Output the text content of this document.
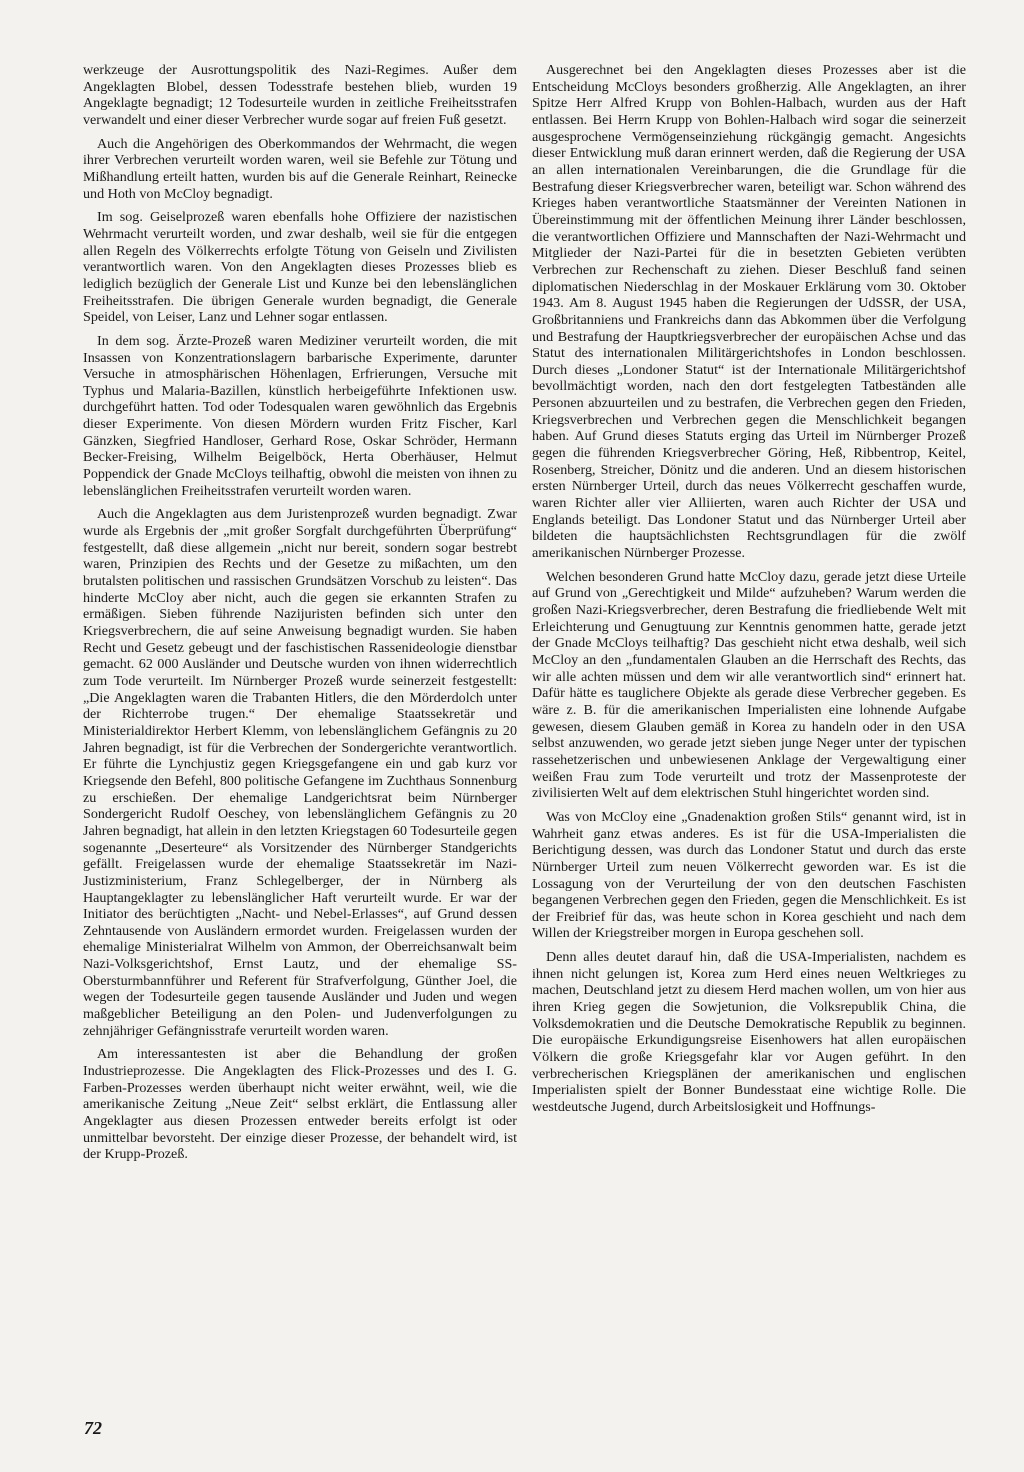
werkzeuge der Ausrottungspolitik des Nazi-Regimes. Außer dem Angeklagten Blobel, dessen Todesstrafe bestehen blieb, wurden 19 Angeklagte begnadigt; 12 Todesurteile wurden in zeitliche Freiheitsstrafen verwandelt und einer dieser Verbrecher wurde sogar auf freien Fuß gesetzt.

Auch die Angehörigen des Oberkommandos der Wehrmacht, die wegen ihrer Verbrechen verurteilt worden waren, weil sie Befehle zur Tötung und Mißhandlung erteilt hatten, wurden bis auf die Generale Reinhart, Reinecke und Hoth von McCloy begnadigt.

Im sog. Geiselprozeß waren ebenfalls hohe Offiziere der nazistischen Wehrmacht verurteilt worden, und zwar deshalb, weil sie für die entgegen allen Regeln des Völkerrechts erfolgte Tötung von Geiseln und Zivilisten verantwortlich waren. Von den Angeklagten dieses Prozesses blieb es lediglich bezüglich der Generale List und Kunze bei den lebenslänglichen Freiheitsstrafen. Die übrigen Generale wurden begnadigt, die Generale Speidel, von Leiser, Lanz und Lehner sogar entlassen.

In dem sog. Ärzte-Prozeß waren Mediziner verurteilt worden, die mit Insassen von Konzentrationslagern barbarische Experimente, darunter Versuche in atmosphärischen Höhenlagen, Erfrierungen, Versuche mit Typhus und Malaria-Bazillen, künstlich herbeigeführte Infektionen usw. durchgeführt hatten. Tod oder Todesqualen waren gewöhnlich das Ergebnis dieser Experimente. Von diesen Mördern wurden Fritz Fischer, Karl Gänzken, Siegfried Handloser, Gerhard Rose, Oskar Schröder, Hermann Becker-Freising, Wilhelm Beigelböck, Herta Oberhäuser, Helmut Poppendick der Gnade McCloys teilhaftig, obwohl die meisten von ihnen zu lebenslänglichen Freiheitsstrafen verurteilt worden waren.

Auch die Angeklagten aus dem Juristenprozeß wurden begnadigt. Zwar wurde als Ergebnis der „mit großer Sorgfalt durchgeführten Überprüfung“ festgestellt, daß diese allgemein „nicht nur bereit, sondern sogar bestrebt waren, Prinzipien des Rechts und der Gesetze zu mißachten, um den brutalsten politischen und rassischen Grundsätzen Vorschub zu leisten“. Das hinderte McCloy aber nicht, auch die gegen sie erkannten Strafen zu ermäßigen. Sieben führende Nazijuristen befinden sich unter den Kriegsverbrechern, die auf seine Anweisung begnadigt wurden. Sie haben Recht und Gesetz gebeugt und der faschistischen Rassenideologie dienstbar gemacht. 62 000 Ausländer und Deutsche wurden von ihnen widerrechtlich zum Tode verurteilt. Im Nürnberger Prozeß wurde seinerzeit festgestellt: „Die Angeklagten waren die Trabanten Hitlers, die den Mörderdolch unter der Richterrobe trugen.“ Der ehemalige Staatssekretär und Ministerialdirektor Herbert Klemm, von lebenslänglichem Gefängnis zu 20 Jahren begnadigt, ist für die Verbrechen der Sondergerichte verantwortlich. Er führte die Lynchjustiz gegen Kriegsgefangene ein und gab kurz vor Kriegsende den Befehl, 800 politische Gefangene im Zuchthaus Sonnenburg zu erschießen. Der ehemalige Landgerichtsrat beim Nürnberger Sondergericht Rudolf Oeschey, von lebenslänglichem Gefängnis zu 20 Jahren begnadigt, hat allein in den letzten Kriegstagen 60 Todesurteile gegen sogenannte „Deserteure“ als Vorsitzender des Nürnberger Standgerichts gefällt. Freigelassen wurde der ehemalige Staatssekretär im Nazi-Justizministerium, Franz Schlegelberger, der in Nürnberg als Hauptangeklagter zu lebenslänglicher Haft verurteilt wurde. Er war der Initiator des berüchtigten „Nacht- und Nebel-Erlasses“, auf Grund dessen Zehntausende von Ausländern ermordet wurden. Freigelassen wurden der ehemalige Ministerialrat Wilhelm von Ammon, der Oberreichsanwalt beim Nazi-Volksgerichtshof, Ernst Lautz, und der ehemalige SS-Obersturmbannführer und Referent für Strafverfolgung, Günther Joel, die wegen der Todesurteile gegen tausende Ausländer und Juden und wegen maßgeblicher Beteiligung an den Polen- und Judenverfolgungen zu zehnjähriger Gefängnisstrafe verurteilt worden waren.

Am interessantesten ist aber die Behandlung der großen Industrieprozesse. Die Angeklagten des Flick-Prozesses und des I. G. Farben-Prozesses werden überhaupt nicht weiter erwähnt, weil, wie die amerikanische Zeitung „Neue Zeit“ selbst erklärt, die Entlassung aller Angeklagter aus diesen Prozessen entweder bereits erfolgt ist oder unmittelbar bevorsteht. Der einzige dieser Prozesse, der behandelt wird, ist der Krupp-Prozeß.

Ausgerechnet bei den Angeklagten dieses Prozesses aber ist die Entscheidung McCloys besonders großherzig. Alle Angeklagten, an ihrer Spitze Herr Alfred Krupp von Bohlen-Halbach, wurden aus der Haft entlassen. Bei Herrn Krupp von Bohlen-Halbach wird sogar die seinerzeit ausgesprochene Vermögenseinziehung rückgängig gemacht. Angesichts dieser Entwicklung muß daran erinnert werden, daß die Regierung der USA an allen internationalen Vereinbarungen, die die Grundlage für die Bestrafung dieser Kriegsverbrecher waren, beteiligt war. Schon während des Krieges haben verantwortliche Staatsmänner der Vereinten Nationen in Übereinstimmung mit der öffentlichen Meinung ihrer Länder beschlossen, die verantwortlichen Offiziere und Mannschaften der Nazi-Wehrmacht und Mitglieder der Nazi-Partei für die in besetzten Gebieten verübten Verbrechen zur Rechenschaft zu ziehen. Dieser Beschluß fand seinen diplomatischen Niederschlag in der Moskauer Erklärung vom 30. Oktober 1943. Am 8. August 1945 haben die Regierungen der UdSSR, der USA, Großbritanniens und Frankreichs dann das Abkommen über die Verfolgung und Bestrafung der Hauptkriegsverbrecher der europäischen Achse und das Statut des internationalen Militärgerichtshofes in London beschlossen. Durch dieses „Londoner Statut“ ist der Internationale Militärgerichtshof bevollmächtigt worden, nach den dort festgelegten Tatbeständen alle Personen abzuurteilen und zu bestrafen, die Verbrechen gegen den Frieden, Kriegsverbrechen und Verbrechen gegen die Menschlichkeit begangen haben. Auf Grund dieses Statuts erging das Urteil im Nürnberger Prozeß gegen die führenden Kriegsverbrecher Göring, Heß, Ribbentrop, Keitel, Rosenberg, Streicher, Dönitz und die anderen. Und an diesem historischen ersten Nürnberger Urteil, durch das neues Völkerrecht geschaffen wurde, waren Richter aller vier Alliierten, waren auch Richter der USA und Englands beteiligt. Das Londoner Statut und das Nürnberger Urteil aber bildeten die hauptsächlichsten Rechtsgrundlagen für die zwölf amerikanischen Nürnberger Prozesse.

Welchen besonderen Grund hatte McCloy dazu, gerade jetzt diese Urteile auf Grund von „Gerechtigkeit und Milde“ aufzuheben? Warum werden die großen Nazi-Kriegsverbrecher, deren Bestrafung die friedliebende Welt mit Erleichterung und Genugtuung zur Kenntnis genommen hatte, gerade jetzt der Gnade McCloys teilhaftig? Das geschieht nicht etwa deshalb, weil sich McCloy an den „fundamentalen Glauben an die Herrschaft des Rechts, das wir alle achten müssen und dem wir alle verantwortlich sind“ erinnert hat. Dafür hätte es tauglichere Objekte als gerade diese Verbrecher gegeben. Es wäre z. B. für die amerikanischen Imperialisten eine lohnende Aufgabe gewesen, diesem Glauben gemäß in Korea zu handeln oder in den USA selbst anzuwenden, wo gerade jetzt sieben junge Neger unter der typischen rassehetzerischen und unbewiesenen Anklage der Vergewaltigung einer weißen Frau zum Tode verurteilt und trotz der Massenproteste der zivilisierten Welt auf dem elektrischen Stuhl hingerichtet worden sind.

Was von McCloy eine „Gnadenaktion großen Stils“ genannt wird, ist in Wahrheit ganz etwas anderes. Es ist für die USA-Imperialisten die Berichtigung dessen, was durch das Londoner Statut und durch das erste Nürnberger Urteil zum neuen Völkerrecht geworden war. Es ist die Lossagung von der Verurteilung der von den deutschen Faschisten begangenen Verbrechen gegen den Frieden, gegen die Menschlichkeit. Es ist der Freibrief für das, was heute schon in Korea geschieht und nach dem Willen der Kriegstreiber morgen in Europa geschehen soll.

Denn alles deutet darauf hin, daß die USA-Imperialisten, nachdem es ihnen nicht gelungen ist, Korea zum Herd eines neuen Weltkrieges zu machen, Deutschland jetzt zu diesem Herd machen wollen, um von hier aus ihren Krieg gegen die Sowjetunion, die Volksrepublik China, die Volksdemokratien und die Deutsche Demokratische Republik zu beginnen. Die europäische Erkundigungsreise Eisenhowers hat allen europäischen Völkern die große Kriegsgefahr klar vor Augen geführt. In den verbrecherischen Kriegsplänen der amerikanischen und englischen Imperialisten spielt der Bonner Bundesstaat eine wichtige Rolle. Die westdeutsche Jugend, durch Arbeitslosigkeit und Hoffnungs-

72
